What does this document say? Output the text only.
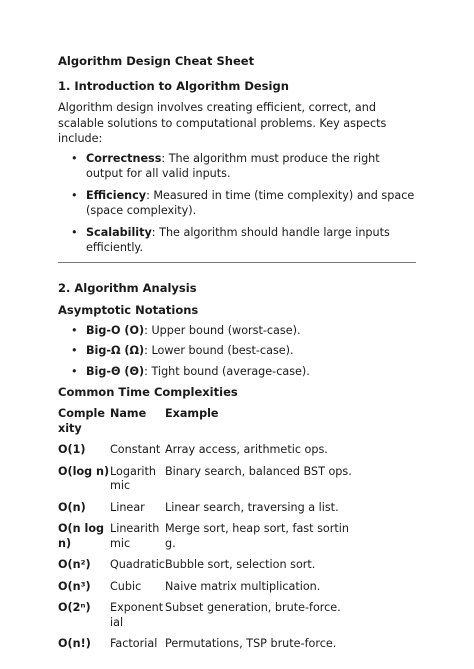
Algorithm Design Cheat Sheet
1. Introduction to Algorithm Design

Algorithm design involves creating efficient, correct, and scalable solutions to computational problems. Key aspects include:

• Correctness: The algorithm must produce the right output for all valid inputs.
• Efficiency: Measured in time (time complexity) and space (space complexity).
• Scalability: The algorithm should handle large inputs efficiently.
2. Algorithm Analysis
Asymptotic Notations
• Big-O (O): Upper bound (worst-case).
• Big-Ω (Ω): Lower bound (best-case).
• Big-Θ (Θ): Tight bound (average-case).
Common Time Complexities
Complexity	Name	Example
O(1)	Constant	Array access, arithmetic ops.
O(log n)	Logarithmic	Binary search, balanced BST ops.
O(n)	Linear	Linear search, traversing a list.
O(n log n)	Linearithmic	Merge sort, heap sort, fast sorting.
O(n²)	Quadratic	Bubble sort, selection sort.
O(n³)	Cubic	Naive matrix multiplication.
O(2ⁿ)	Exponential	Subset generation, brute-force.
O(n!)	Factorial	Permutations, TSP brute-force.
